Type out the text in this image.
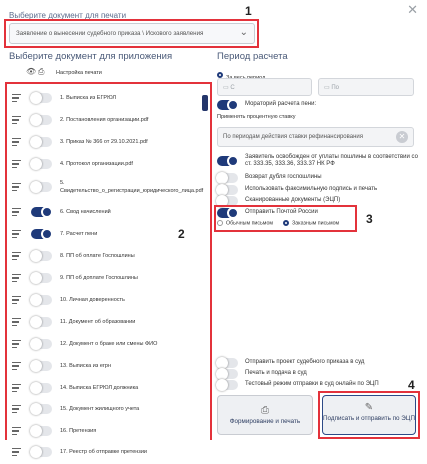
✕
Выберите документ для печати
Заявление о вынесении судебного приказа \ Искового заявления	⌄
1
Выберите документ для приложения
👁 ⎙ Настройка печати
1. Выписка из ЕГРЮЛ
2. Постановления организации.pdf
3. Приказ № 366 от 29.10.2021.pdf
4. Протокол организации.pdf
5. Свидетельство_о_регистрации_юридического_лица.pdf
6. Свод начислений
7. Расчет пени
8. ПП об оплате Госпошлины
9. ПП об доплате Госпошлины
10. Личная доверенность
11. Документ об образовании
12. Документ о браке или смены ФИО
13. Выписка из егрн
14. Выписка ЕГРЮЛ должника
15. Документ жилищного учета
16. Претензия
17. Реестр об отправке претензии
2
Период расчета
▭ С	▭ По
Мораторий расчета пени:
Применять процентную ставку
По периодам действия ставки рефинансирования	✕
Заявитель освобожден от уплаты пошлины в соответствии со ст. 333.35, 333.36, 333.37 НК РФ
Возврат дубля госпошлины
Использовать факсимильную подпись и печать
Сканированные документы (ЭЦП)
Отправить Почтой России
Обычным письмом	Заказным письмом 3
Отправить проект судебного приказа в суд
Печать и подача в суд
Тестовый режим отправки в суд онлайн по ЭЦП
⎙
Формирование и печать
✎
Подписать и отправить по ЭЦП
4
